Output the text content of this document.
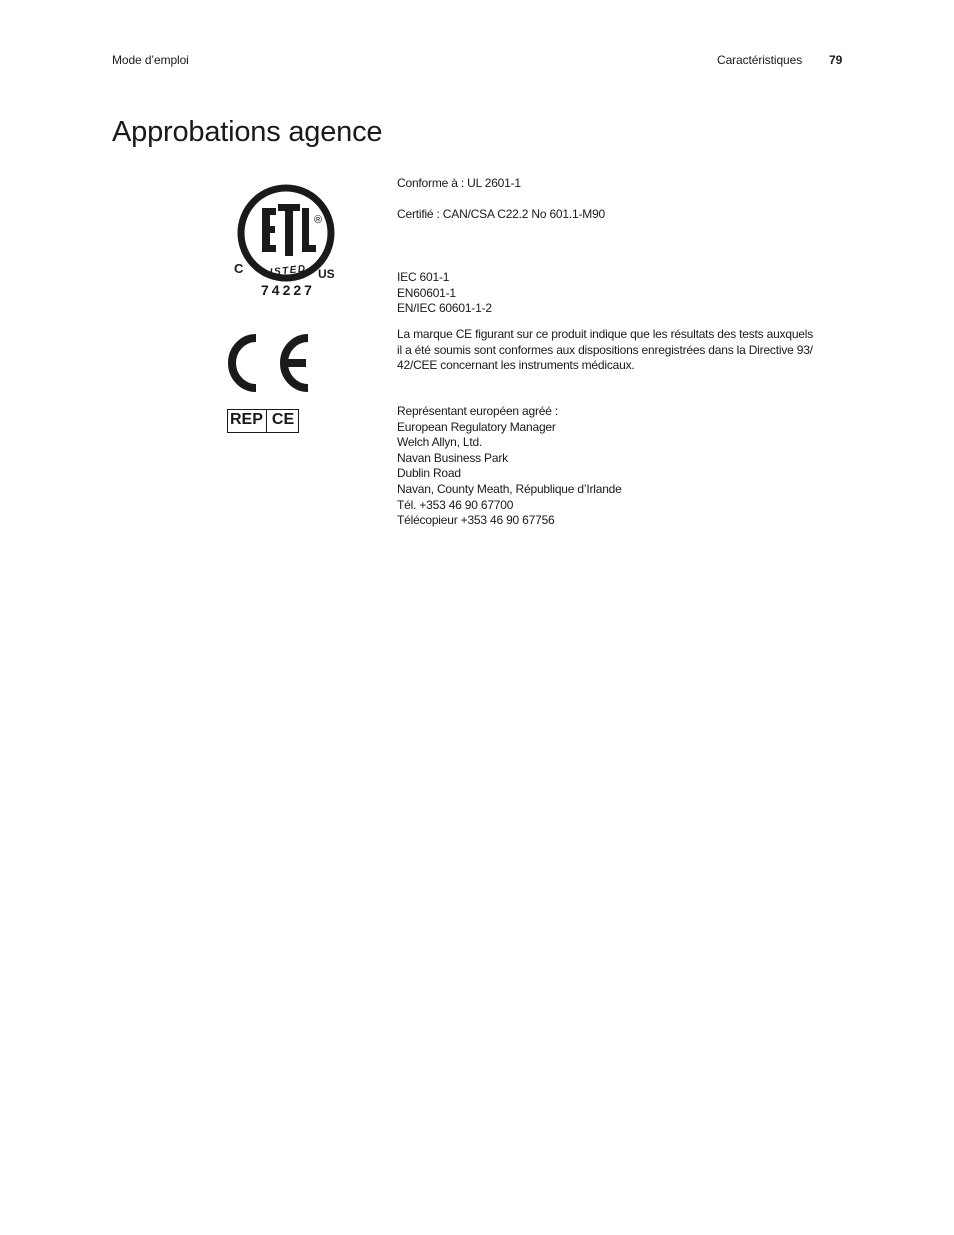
Mode d’emploi	Caractéristiques 79
Approbations agence
®
C	US
LISTED
74227
REP CE
Conforme à : UL 2601-1
Certifié : CAN/CSA C22.2 No 601.1-M90
IEC 601-1
EN60601-1
EN/IEC 60601-1-2
La marque CE figurant sur ce produit indique que les résultats des tests auxquels
il a été soumis sont conformes aux dispositions enregistrées dans la Directive 93/
42/CEE concernant les instruments médicaux.
Représentant européen agréé :
European Regulatory Manager
Welch Allyn, Ltd.
Navan Business Park
Dublin Road
Navan, County Meath, République d’Irlande
Tél. +353 46 90 67700
Télécopieur +353 46 90 67756
